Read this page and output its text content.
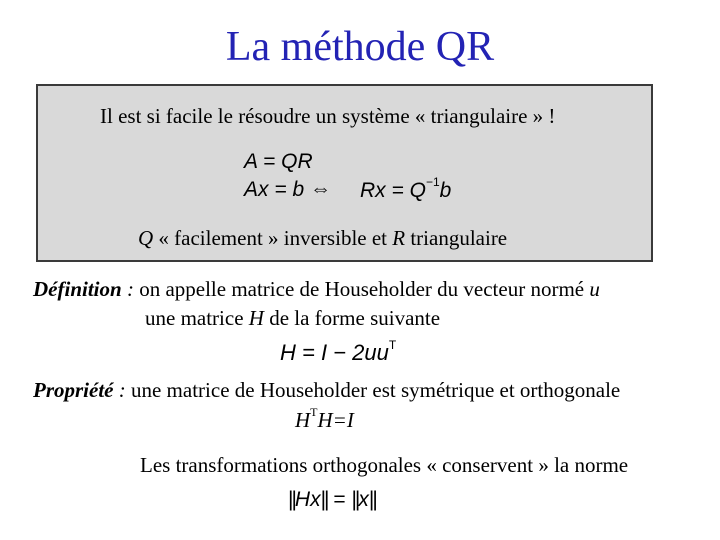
La méthode QR
Il est si facile le résoudre un système « triangulaire » !
A = QR
Ax = b ⇔ $Rx = Q^{-1}b$
Q « facilement » inversible et R triangulaire
Définition : on appelle matrice de Householder du vecteur normé u
une matrice H de la forme suivante
$H = I - 2uu^T$
Propriété : une matrice de Householder est symétrique et orthogonale
$H^TH=I$
Les transformations orthogonales « conservent » la norme
||Hx|| = ||x||
